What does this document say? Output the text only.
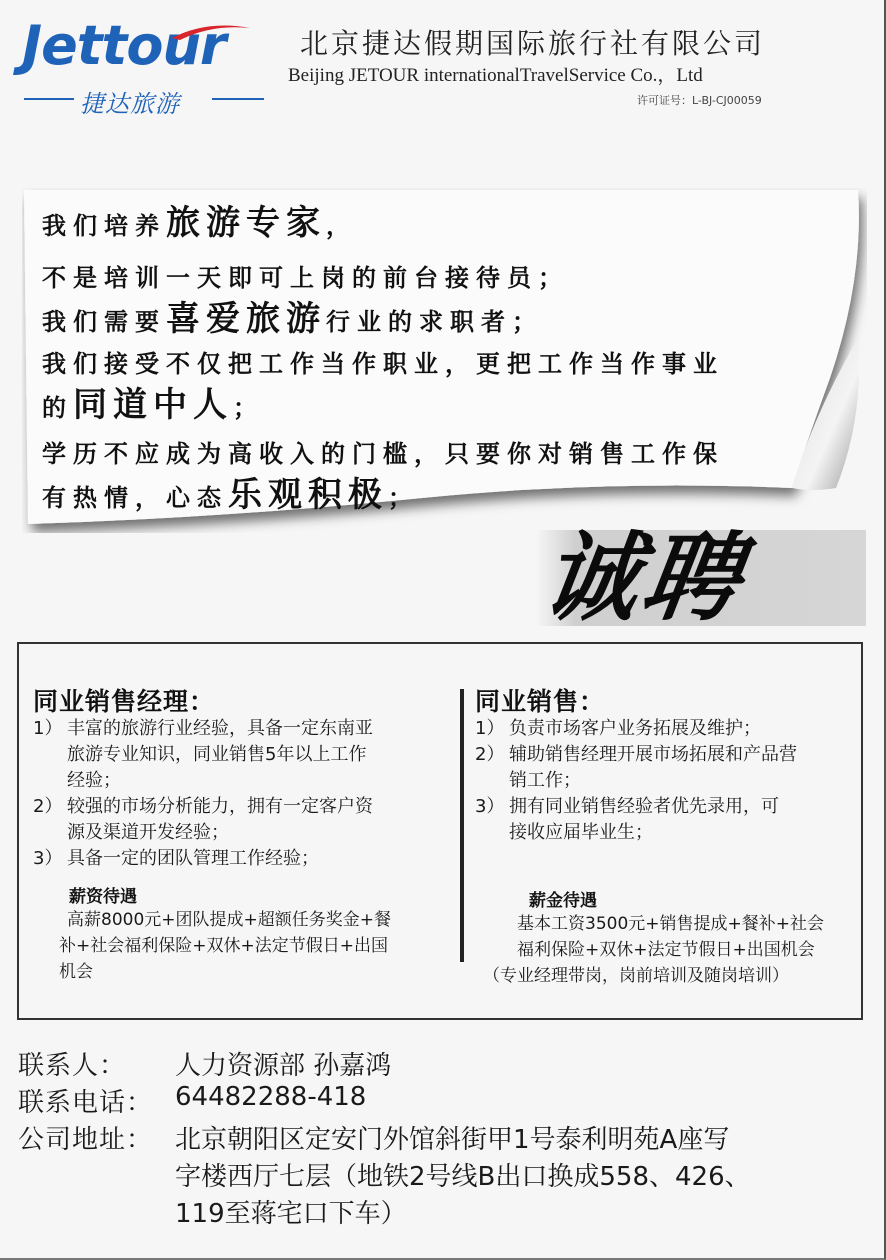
Jettour
捷达旅游
北京捷达假期国际旅行社有限公司
Beijing JETOUR internationalTravelService Co.，Ltd
许可证号：L-BJ-CJ00059
我们培养旅游专家，
不是培训一天即可上岗的前台接待员；
我们需要喜爱旅游行业的求职者；
我们接受不仅把工作当作职业，更把工作当作事业
的同道中人；
学历不应成为高收入的门槛，只要你对销售工作保
有热情，心态乐观积极；
诚聘
同业销售经理：
1） 丰富的旅游行业经验，具备一定东南亚
旅游专业知识，同业销售5年以上工作
经验；
2） 较强的市场分析能力，拥有一定客户资
源及渠道开发经验；
3） 具备一定的团队管理工作经验；
薪资待遇
高薪8000元+团队提成+超额任务奖金+餐
补+社会福利保险+双休+法定节假日+出国
机会
同业销售：
1） 负责市场客户业务拓展及维护；
2） 辅助销售经理开展市场拓展和产品营
销工作；
3） 拥有同业销售经验者优先录用，可
接收应届毕业生；
薪金待遇
基本工资3500元+销售提成+餐补+社会
福利保险+双休+法定节假日+出国机会
（专业经理带岗，岗前培训及随岗培训）
联系人： 人力资源部 孙嘉鸿
联系电话： 64482288-418
公司地址： 北京朝阳区定安门外馆斜街甲1号泰利明苑A座写
字楼西厅七层（地铁2号线B出口换成558、426、
119至蒋宅口下车）
